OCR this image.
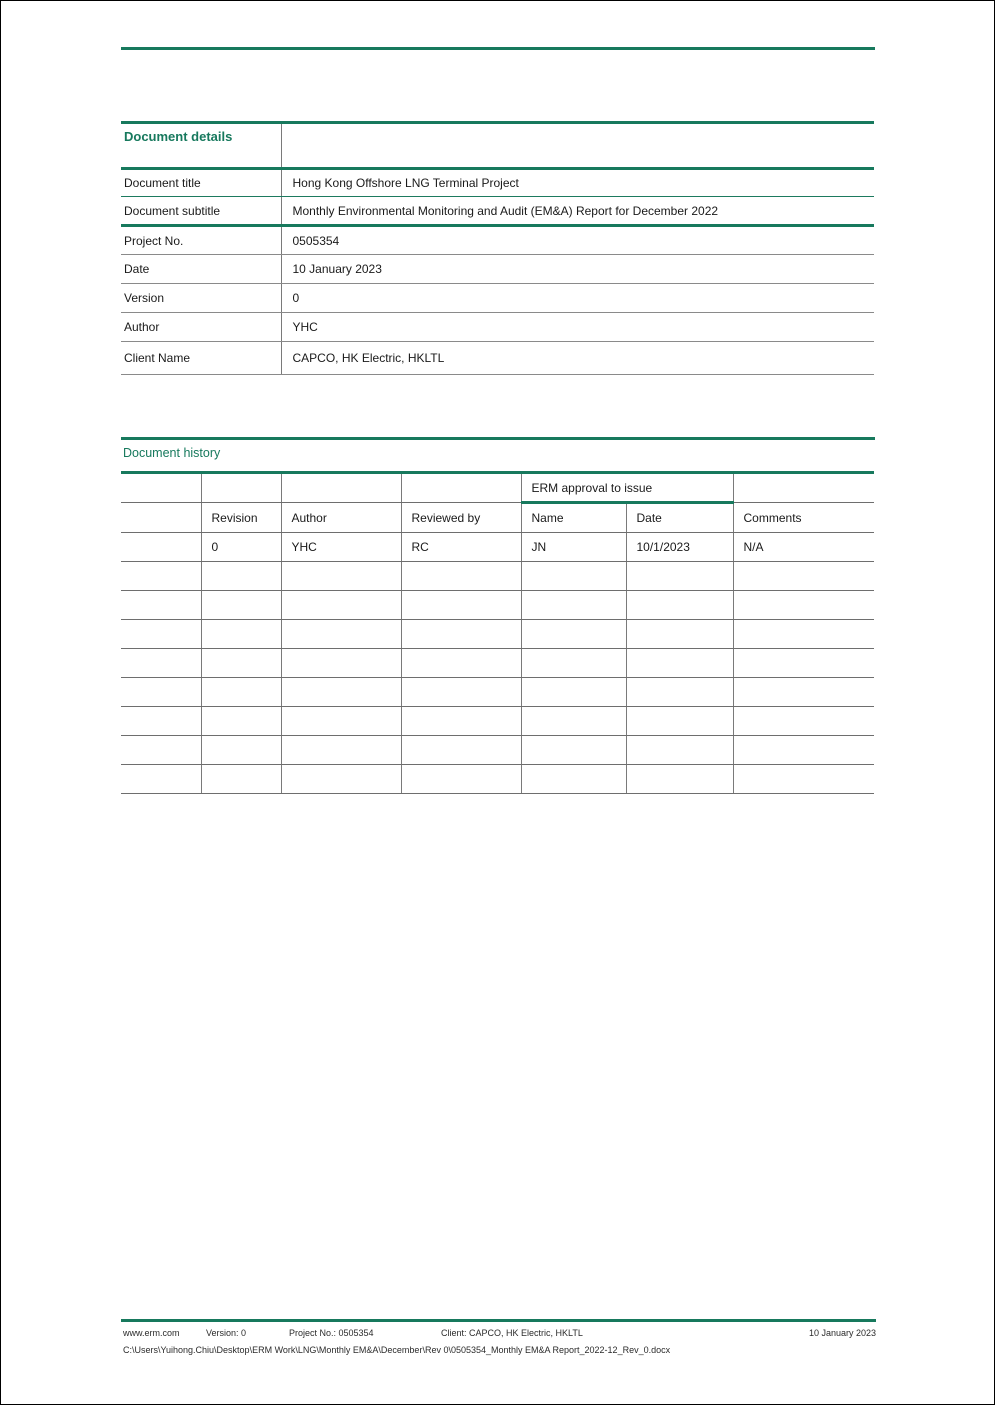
Document details	
Document title	Hong Kong Offshore LNG Terminal Project
Document subtitle	Monthly Environmental Monitoring and Audit (EM&A) Report for December 2022
Project No.	0505354
Date	10 January 2023
Version	0
Author	YHC
Client Name	CAPCO, HK Electric, HKLTL
Document history
				ERM approval to issue		
	Revision	Author	Reviewed by	Name	Date	Comments
	0	YHC	RC	JN	10/1/2023	N/A

www.erm.com	Version: 0	Project No.: 0505354	Client: CAPCO, HK Electric, HKLTL	10 January 2023
C:\Users\Yuihong.Chiu\Desktop\ERM Work\LNG\Monthly EM&A\December\Rev 0\0505354_Monthly EM&A Report_2022-12_Rev_0.docx
